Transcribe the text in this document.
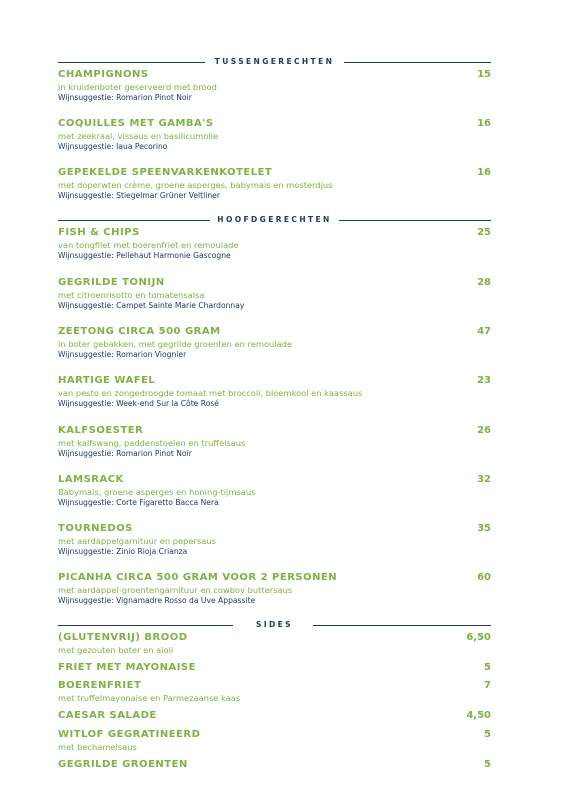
TUSSENGERECHTEN
CHAMPIGNONS	15
in kruidenboter geserveerd met brood
Wijnsuggestie: Romarion Pinot Noir
COQUILLES MET GAMBA'S	16
met zeekraal, vissaus en basilicumolie
Wijnsuggestie: Iaua Pecorino
GEPEKELDE SPEENVARKENKOTELET	16
met doperwten crème, groene asperges, babymais en mosterdjus
Wijnsuggestie: Stiegelmar Grüner Veltliner
HOOFDGERECHTEN
FISH & CHIPS	25
van tongfilet met boerenfriet en remoulade
Wijnsuggestie: Pellehaut Harmonie Gascogne
GEGRILDE TONIJN	28
met citroenrisotto en tomatensalsa
Wijnsuggestie: Campet Sainte Marie Chardonnay
ZEETONG CIRCA 500 GRAM	47
in boter gebakken, met gegrilde groenten en remoulade
Wijnsuggestie: Romarion Viognier
HARTIGE WAFEL	23
van pesto en zongedroogde tomaat met broccoli, bloemkool en kaassaus
Wijnsuggestie: Week-end Sur la Côte Rosé
KALFSOESTER	26
met kalfswang, paddenstoelen en truffelsaus
Wijnsuggestie: Romarion Pinot Noir
LAMSRACK	32
Babymais, groene asperges en honing-tijmsaus
Wijnsuggestie: Corte Figaretto Bacca Nera
TOURNEDOS	35
met aardappelgarnituur en pepersaus
Wijnsuggestie: Zinio Rioja Crianza
PICANHA CIRCA 500 GRAM VOOR 2 PERSONEN	60
met aardappel-groentengarnituur en cowboy buttersaus
Wijnsuggestie: Vignamadre Rosso da Uve Appassite
SIDES
(GLUTENVRIJ) BROOD	6,50
met gezouten boter en aioli
FRIET MET MAYONAISE	5
BOERENFRIET	7
met truffelmayonaise en Parmezaanse kaas
CAESAR SALADE	4,50
WITLOF GEGRATINEERD	5
met bechamelsaus
GEGRILDE GROENTEN	5
